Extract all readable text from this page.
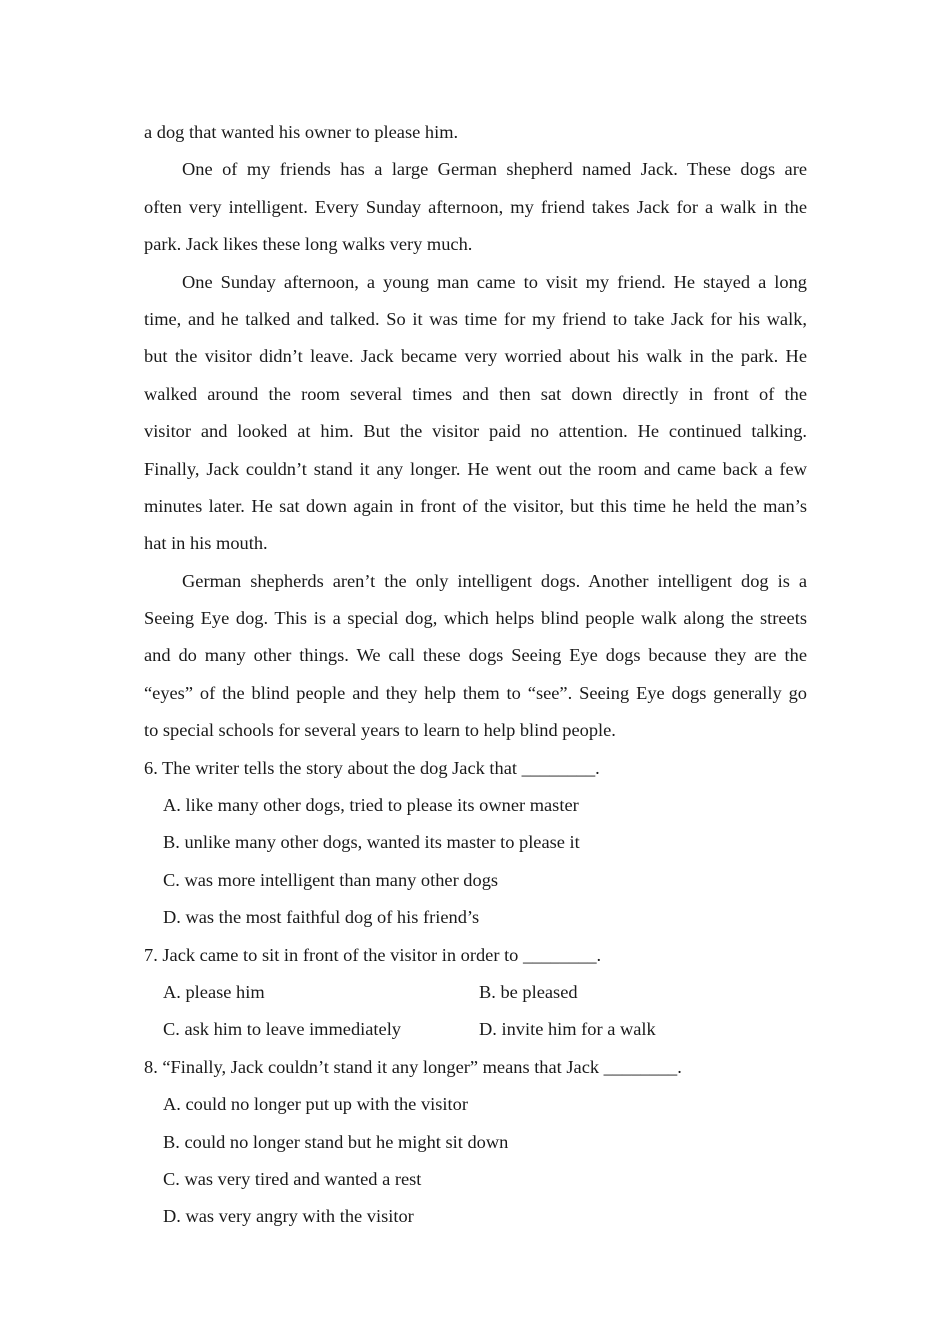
a dog that wanted his owner to please him.
One of my friends has a large German shepherd named Jack. These dogs are
often very intelligent. Every Sunday afternoon, my friend takes Jack for a walk in the
park. Jack likes these long walks very much.
One Sunday afternoon, a young man came to visit my friend. He stayed a long
time, and he talked and talked. So it was time for my friend to take Jack for his walk,
but the visitor didn’t leave. Jack became very worried about his walk in the park. He
walked around the room several times and then sat down directly in front of the
visitor and looked at him. But the visitor paid no attention. He continued talking.
Finally, Jack couldn’t stand it any longer. He went out the room and came back a few
minutes later. He sat down again in front of the visitor, but this time he held the man’s
hat in his mouth.
German shepherds aren’t the only intelligent dogs. Another intelligent dog is a
Seeing Eye dog. This is a special dog, which helps blind people walk along the streets
and do many other things. We call these dogs Seeing Eye dogs because they are the
“eyes” of the blind people and they help them to “see”. Seeing Eye dogs generally go
to special schools for several years to learn to help blind people.
6. The writer tells the story about the dog Jack that ________.
A. like many other dogs, tried to please its owner master
B. unlike many other dogs, wanted its master to please it
C. was more intelligent than many other dogs
D. was the most faithful dog of his friend’s
7. Jack came to sit in front of the visitor in order to ________.
A. please him	B. be pleased
C. ask him to leave immediately	D. invite him for a walk
8. “Finally, Jack couldn’t stand it any longer” means that Jack ________.
A. could no longer put up with the visitor
B. could no longer stand but he might sit down
C. was very tired and wanted a rest
D. was very angry with the visitor
